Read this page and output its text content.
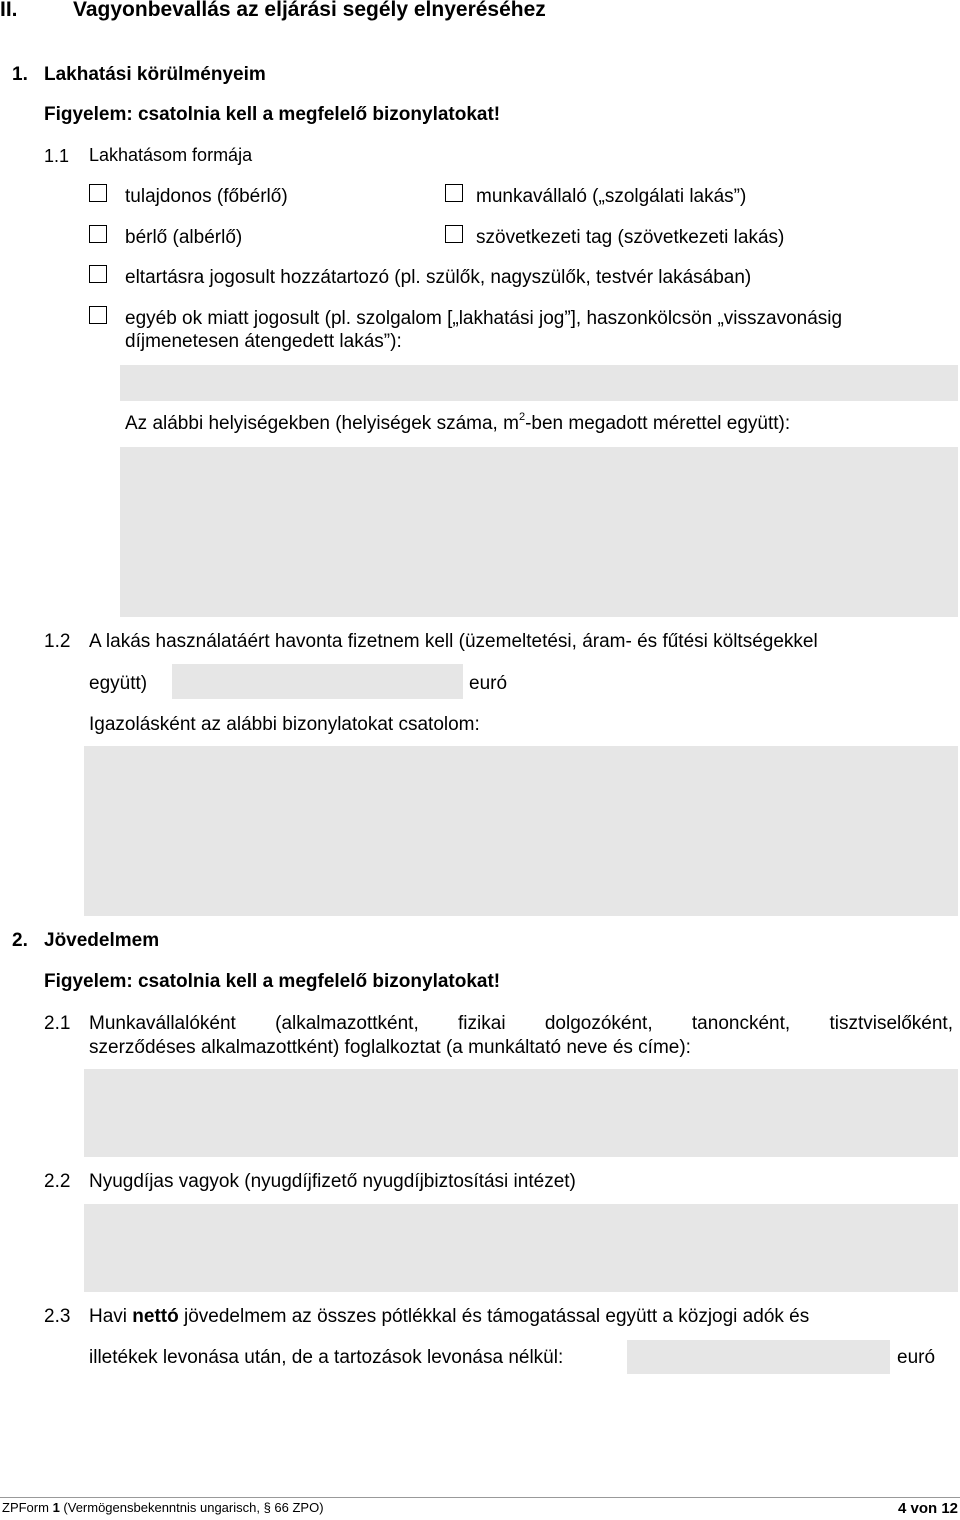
II.	Vagyonbevallás az eljárási segély elnyeréséhez
1. Lakhatási körülményeim
Figyelem: csatolnia kell a megfelelő bizonylatokat!
1.1 Lakhatásom formája
tulajdonos (főbérlő)	munkavállaló („szolgálati lakás”)
bérlő (albérlő)	szövetkezeti tag (szövetkezeti lakás)
eltartásra jogosult hozzátartozó (pl. szülők, nagyszülők, testvér lakásában)
egyéb ok miatt jogosult (pl. szolgalom [„lakhatási jog”], haszonkölcsön „visszavonásig
díjmenetesen átengedett lakás”):
Az alábbi helyiségekben (helyiségek száma, $m^2$-ben megadott mérettel együtt):
1.2 A lakás használatáért havonta fizetnem kell (üzemeltetési, áram- és fűtési költségekkel
együtt)	euró
Igazolásként az alábbi bizonylatokat csatolom:
2. Jövedelmem
Figyelem: csatolnia kell a megfelelő bizonylatokat!
2.1 Munkavállalóként (alkalmazottként, fizikai dolgozóként, tanoncként, tisztviselőként,
szerződéses alkalmazottként) foglalkoztat (a munkáltató neve és címe):
2.2 Nyugdíjas vagyok (nyugdíjfizető nyugdíjbiztosítási intézet)
2.3 Havi nettó jövedelmem az összes pótlékkal és támogatással együtt a közjogi adók és
illetékek levonása után, de a tartozások levonása nélkül:	euró
ZPForm 1 (Vermögensbekenntnis ungarisch, § 66 ZPO)	4 von 12
